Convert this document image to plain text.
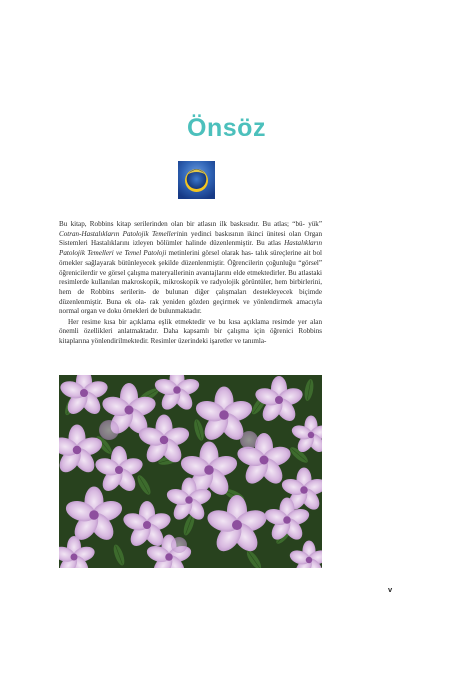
Önsöz

Bu kitap, Robbins kitap serilerinden olan bir atlasın ilk baskısıdır. Bu atlas; “bü- yük” Cotran-Hastalıkların Patolojik Temellerinin yedinci baskısının ikinci ünitesi olan Organ Sistemleri Hastalıklarını izleyen bölümler halinde düzenlenmiştir. Bu atlas Hastalıkların Patolojik Temelleri ve Temel Patoloji metinlerini görsel olarak has- talık süreçlerine ait bol örnekler sağlayarak bütünleyecek şekilde düzenlenmiştir. Öğrencilerin çoğunluğu “görsel” öğrenicilerdir ve görsel çalışma materyallerinin avantajlarını elde etmektedirler. Bu atlastaki resimlerde kullanılan makroskopik, mikroskopik ve radyolojik görüntüler, hem birbirlerini, hem de Robbins serilerin- de bulunan diğer çalışmaları destekleyecek biçimde düzenlenmiştir. Buna ek ola- rak yeniden gözden geçirmek ve yönlendirmek amacıyla normal organ ve doku örnekleri de bulunmaktadır.

Her resime kısa bir açıklama eşlik etmektedir ve bu kısa açıklama resimde yer alan önemli özellikleri anlatmaktadır. Daha kapsamlı bir çalışma için öğrenici Robbins kitaplarına yönlendirilmektedir. Resimler üzerindeki işaretler ve tanımla-

v
